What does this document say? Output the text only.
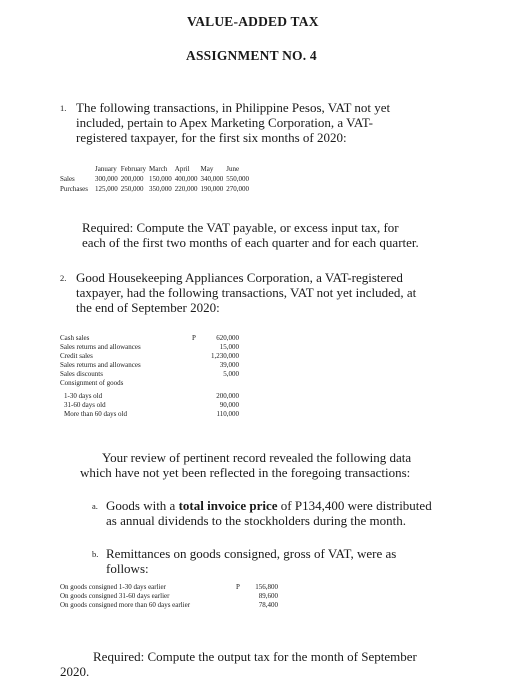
VALUE-ADDED TAX
ASSIGNMENT NO. 4
1. The following transactions, in Philippine Pesos, VAT not yet
included, pertain to Apex Marketing Corporation, a VAT-
registered taxpayer, for the first six months of 2020:
	January	February	March	April	May	June
Sales	300,000	200,000	150,000	400,000	340,000	550,000
Purchases	125,000	250,000	350,000	220,000	190,000	270,000
Required: Compute the VAT payable, or excess input tax, for
each of the first two months of each quarter and for each quarter.
2. Good Housekeeping Appliances Corporation, a VAT-registered
taxpayer, had the following transactions, VAT not yet included, at
the end of September 2020:
Cash sales	P	620,000
Sales returns and allowances		15,000
Credit sales		1,230,000
Sales returns and allowances		39,000
Sales discounts		5,000
Consignment of goods		
1-30 days old		200,000
31-60 days old		90,000
More than 60 days old		110,000
Your review of pertinent record revealed the following data
which have not yet been reflected in the foregoing transactions:
a. Goods with a total invoice price of P134,400 were distributed
as annual dividends to the stockholders during the month.
b. Remittances on goods consigned, gross of VAT, were as
follows:
On goods consigned 1-30 days earlier	P	156,800
On goods consigned 31-60 days earlier		89,600
On goods consigned more than 60 days earlier		78,400
Required: Compute the output tax for the month of September
2020.
